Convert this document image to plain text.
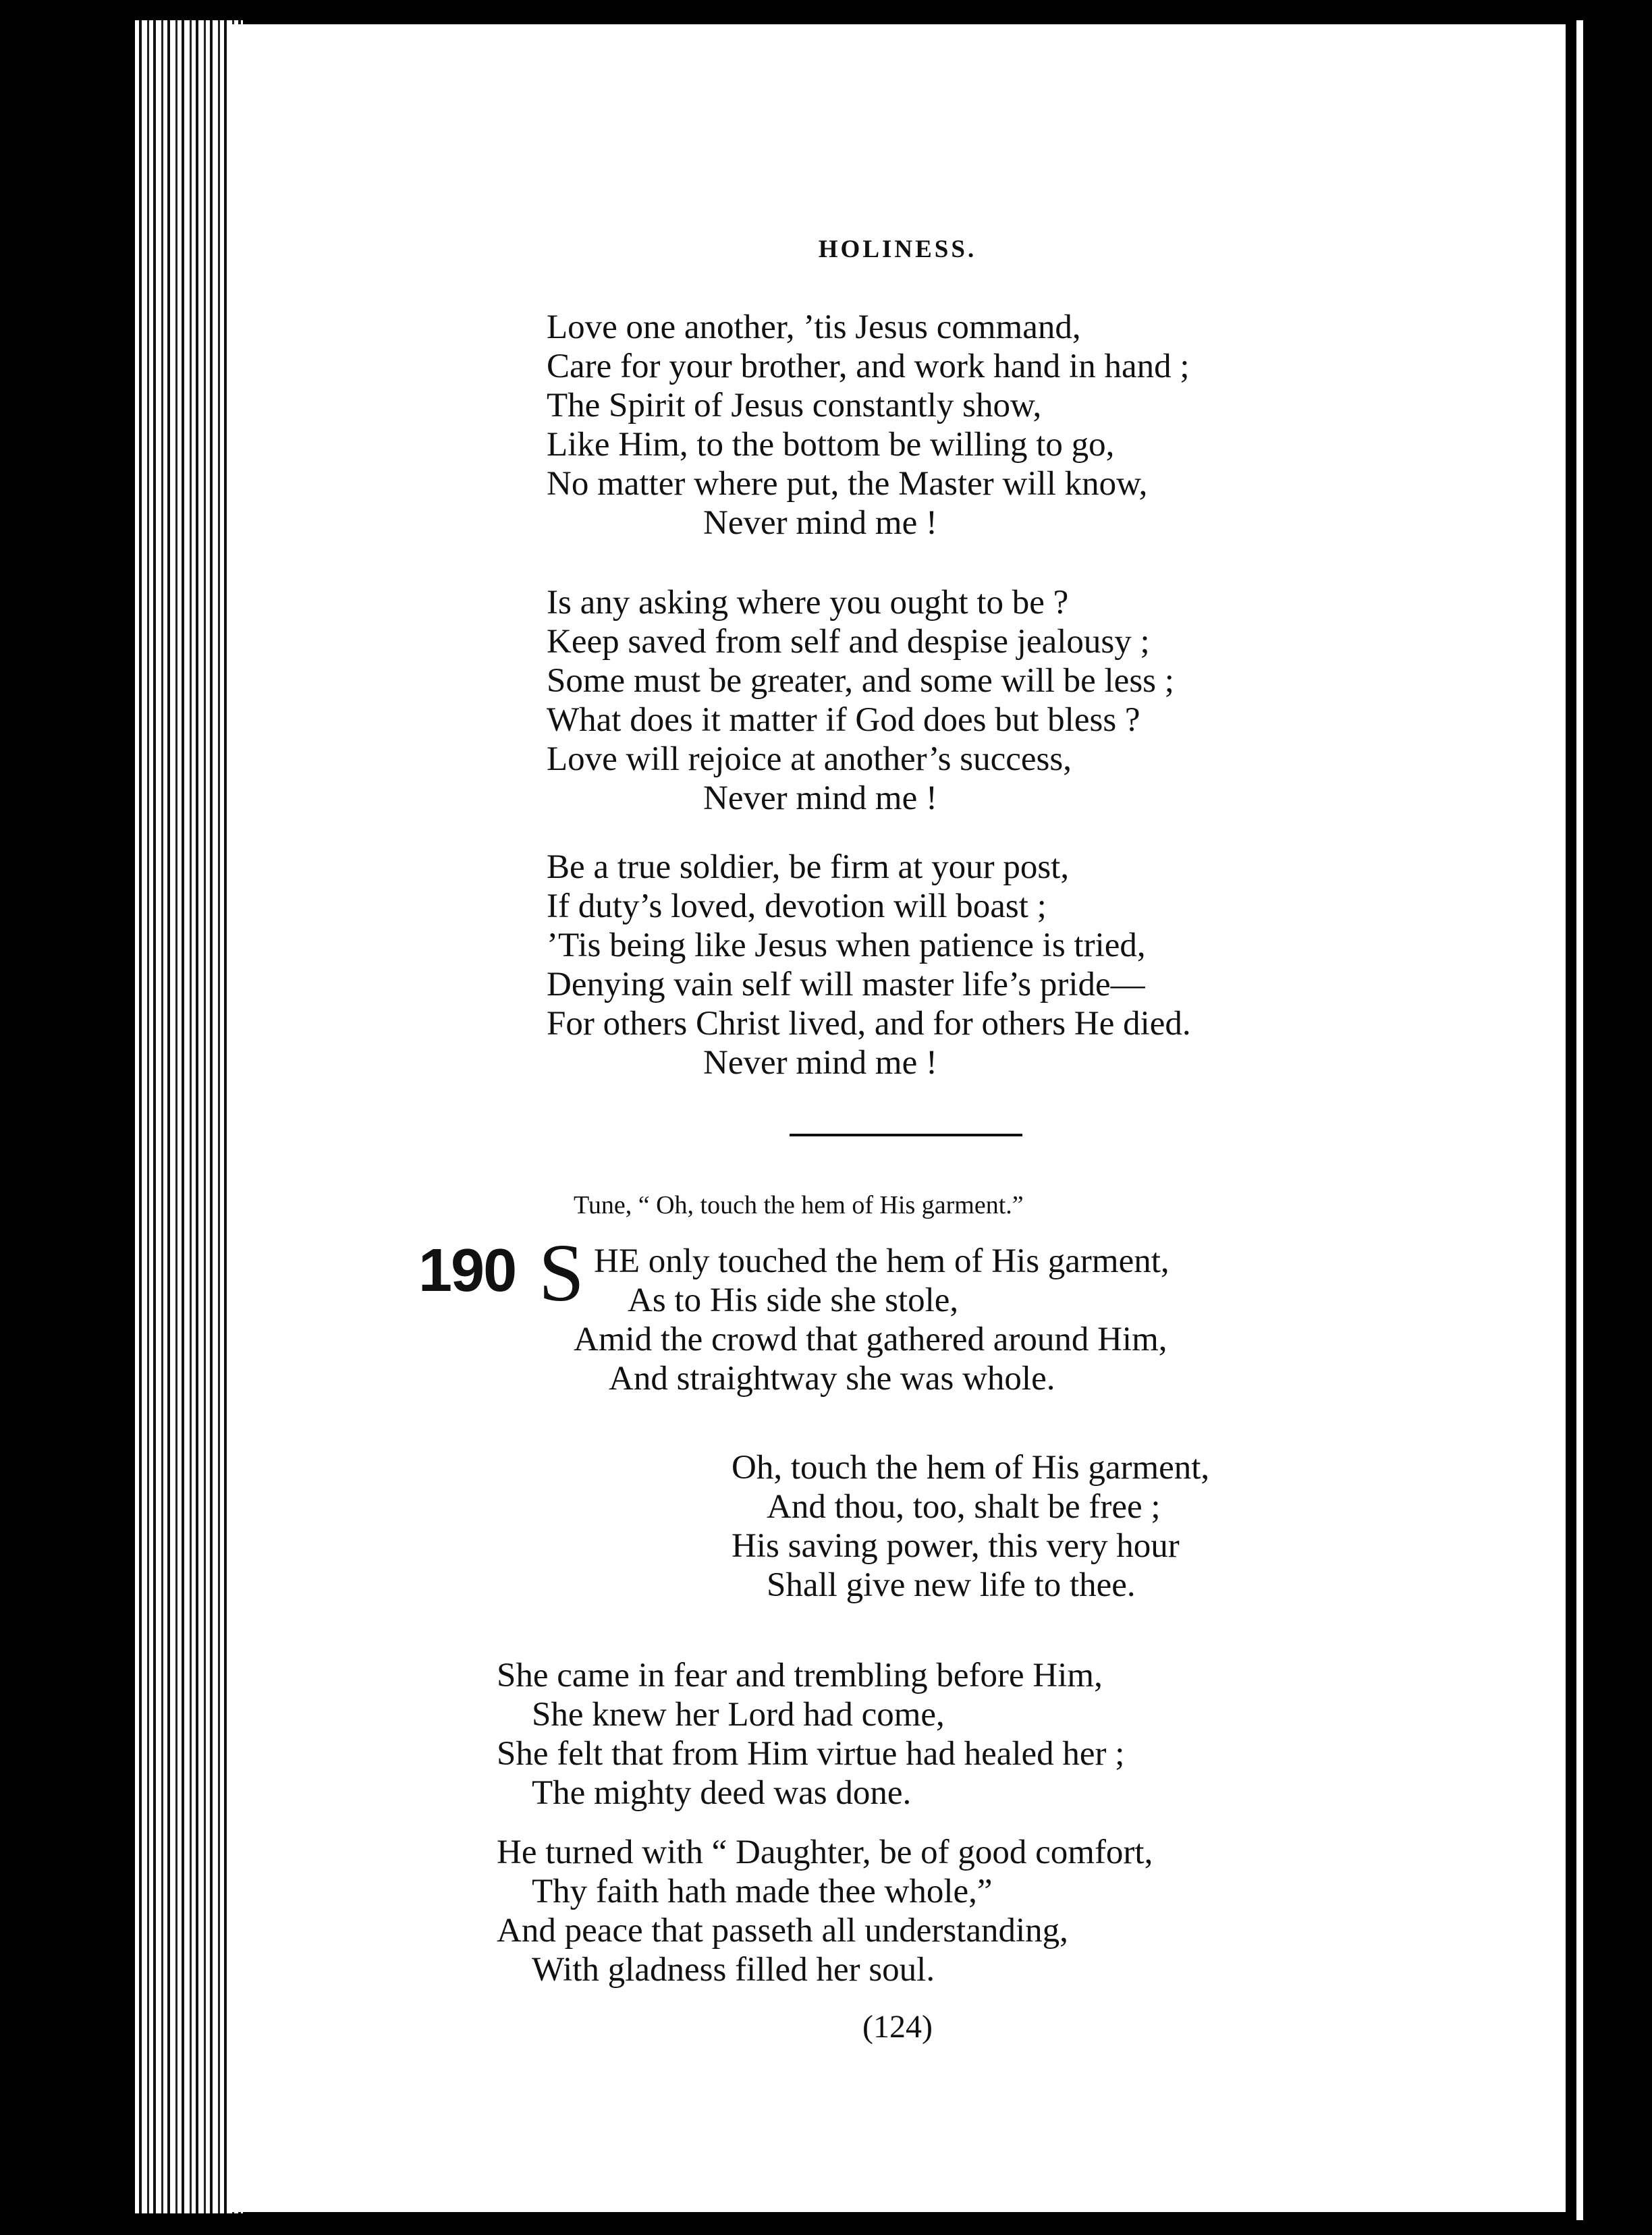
HOLINESS.
Love one another, ’tis Jesus command,
Care for your brother, and work hand in hand ;
The Spirit of Jesus constantly show,
Like Him, to the bottom be willing to go,
No matter where put, the Master will know,
Never mind me !
Is any asking where you ought to be ?
Keep saved from self and despise jealousy ;
Some must be greater, and some will be less ;
What does it matter if God does but bless ?
Love will rejoice at another’s success,
Never mind me !
Be a true soldier, be firm at your post,
If duty’s loved, devotion will boast ;
’Tis being like Jesus when patience is tried,
Denying vain self will master life’s pride—
For others Christ lived, and for others He died.
Never mind me !
Tune, “ Oh, touch the hem of His garment.”
190 S HE only touched the hem of His garment,
As to His side she stole,
Amid the crowd that gathered around Him,
And straightway she was whole.
Oh, touch the hem of His garment,
And thou, too, shalt be free ;
His saving power, this very hour
Shall give new life to thee.
She came in fear and trembling before Him,
She knew her Lord had come,
She felt that from Him virtue had healed her ;
The mighty deed was done.
He turned with “ Daughter, be of good comfort,
Thy faith hath made thee whole,”
And peace that passeth all understanding,
With gladness filled her soul.
(124)
